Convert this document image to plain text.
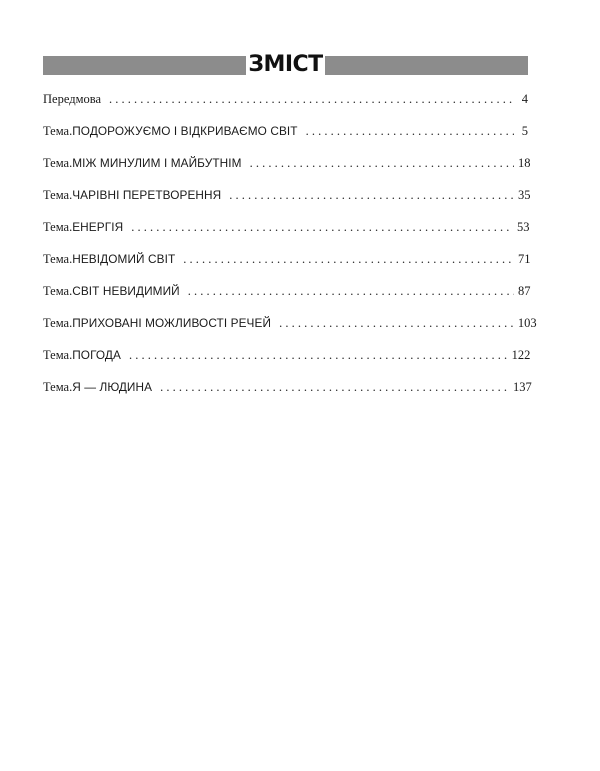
ЗМІСТ
Передмова . . .	4
Тема. ПОДОРОЖУЄМО І ВІДКРИВАЄМО СВІТ . . .	5
Тема. МІЖ МИНУЛИМ І МАЙБУТНІМ . . .	18
Тема. ЧАРІВНІ ПЕРЕТВОРЕННЯ . . .	35
Тема. ЕНЕРГІЯ . . .	53
Тема. НЕВІДОМИЙ СВІТ . . .	71
Тема. СВІТ НЕВИДИМИЙ . . .	87
Тема. ПРИХОВАНІ МОЖЛИВОСТІ РЕЧЕЙ . . .	103
Тема. ПОГОДА . . .	122
Тема. Я — ЛЮДИНА . . .	137
